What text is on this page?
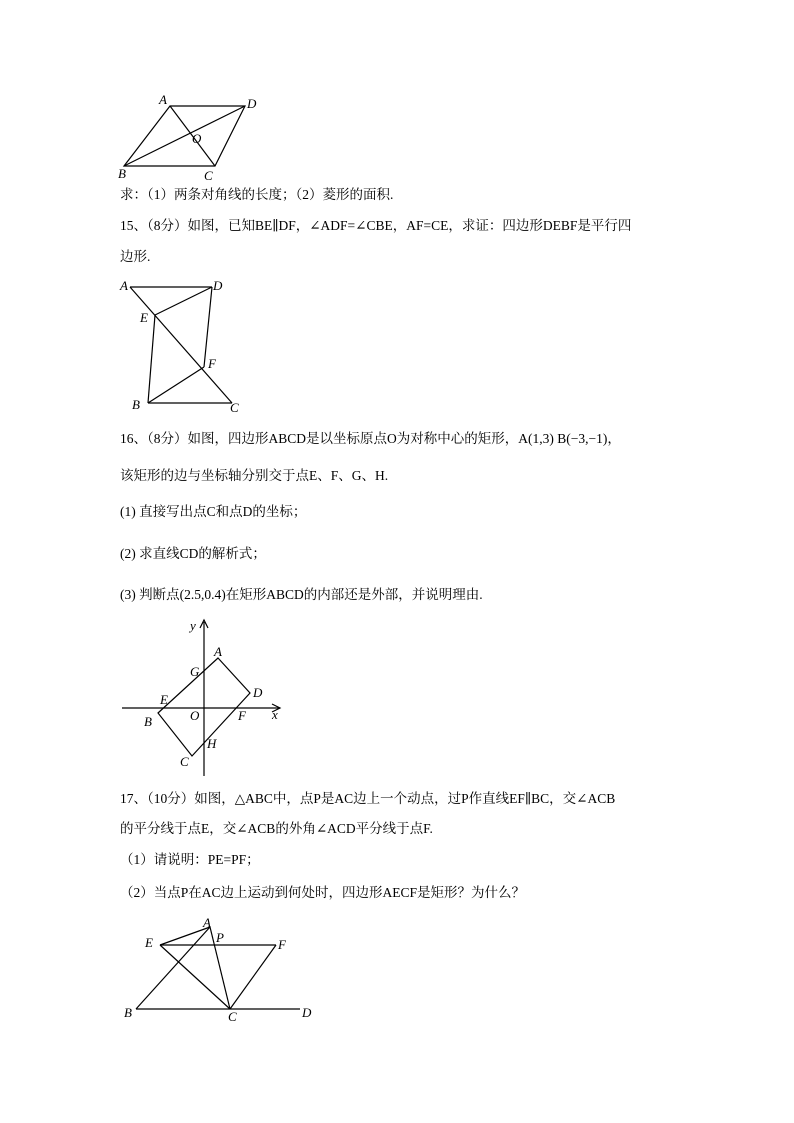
A	D
O
B	C
求：（1）两条对角线的长度；（2）菱形的面积.
15、（8分）如图，已知BE∥DF，∠ADF=∠CBE，AF=CE，求证：四边形DEBF是平行四
边形.
A	D
E
F
B	C
16、（8分）如图，四边形ABCD是以坐标原点O为对称中心的矩形，A(1,3) B(−3,−1)，
该矩形的边与坐标轴分别交于点E、F、G、H.
(1) 直接写出点C和点D的坐标；
(2) 求直线CD的解析式；
(3) 判断点(2.5,0.4)在矩形ABCD的内部还是外部，并说明理由.
y
x
G
A
E	D
B	O	F
H
C
17、（10分）如图，△ABC中，点P是AC边上一个动点，过P作直线EF∥BC，交∠ACB
的平分线于点E，交∠ACB的外角∠ACD平分线于点F.
（1）请说明：PE=PF；
（2）当点P在AC边上运动到何处时，四边形AECF是矩形？为什么？
A
P
E	F
B	C	D
